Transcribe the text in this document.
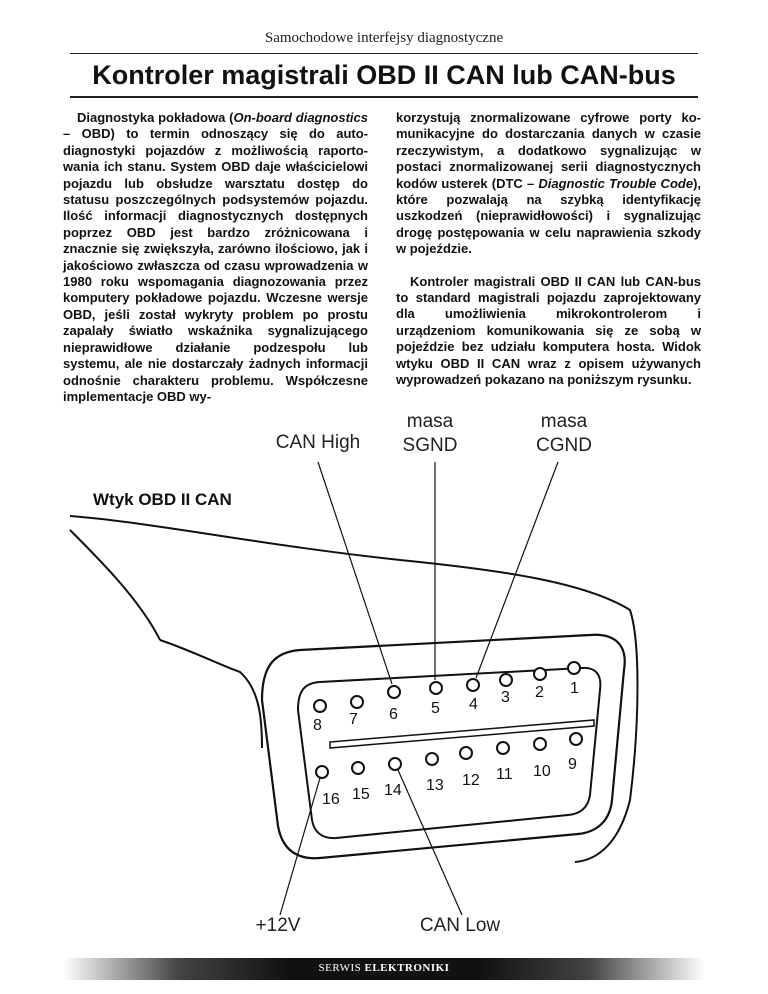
Samochodowe interfejsy diagnostyczne
Kontroler magistrali OBD II CAN lub CAN-bus

Diagnostyka pokładowa (On-board diagnostics – OBD) to termin odnoszący się do autodiagnostyki pojazdów z możliwością raportowania ich stanu. System OBD daje właścicielowi pojazdu lub obsłudze warsztatu dostęp do statusu poszczególnych podsystemów pojazdu. Ilość informacji diagnostycznych dostępnych poprzez OBD jest bardzo zróżnicowana i znacznie się zwiększyła, zarówno ilościowo, jak i jakościowo zwłaszcza od czasu wprowadzenia w 1980 roku wspomagania diagnozowania przez komputery pokładowe pojazdu. Wczesne wersje OBD, jeśli został wykryty problem po prostu zapalały światło wskaźnika sygnalizującego nieprawidłowe działanie podzespołu lub systemu, ale nie dostarczały żadnych informacji odnośnie charakteru problemu. Współczesne implementacje OBD wy-

korzystują znormalizowane cyfrowe porty komunikacyjne do dostarczania danych w czasie rzeczywistym, a dodatkowo sygnalizując w postaci znormalizowanej serii diagnostycznych kodów usterek (DTC – Diagnostic Trouble Code), które pozwalają na szybką identyfikację uszkodzeń (nieprawidłowości) i sygnalizując drogę postępowania w celu naprawienia szkody w pojeździe.

Kontroler magistrali OBD II CAN lub CAN-bus to standard magistrali pojazdu zaprojektowany dla umożliwienia mikrokontrolerom i urządzeniom komunikowania się ze sobą w pojeździe bez udziału komputera hosta. Widok wtyku OBD II CAN wraz z opisem używanych wyprowadzeń pokazano na poniższym rysunku.

Wtyk OBD II CAN
CAN High
masa
SGND
masa
CGND
+12V	CAN Low
8 7 6 5 4 3 2 1
16 15 14 13 12 11 10 9
SERWIS ELEKTRONIKI
